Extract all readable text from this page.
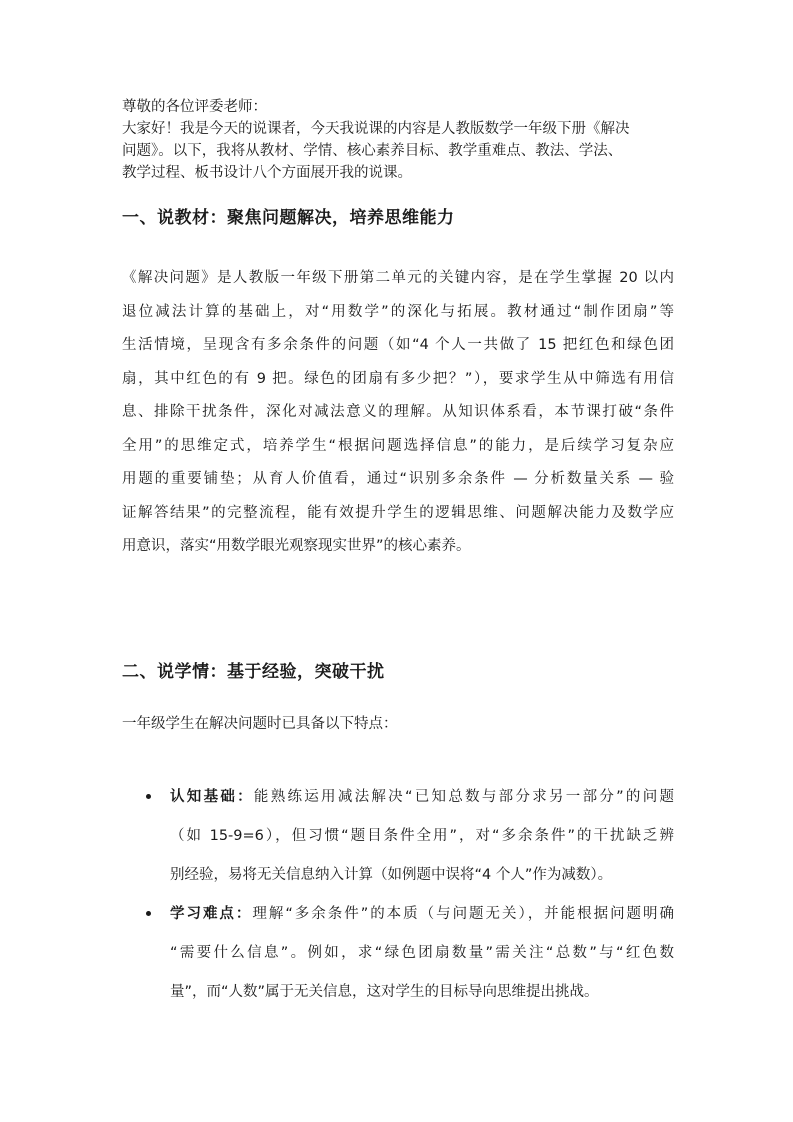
尊敬的各位评委老师：

大家好！我是今天的说课者，今天我说课的内容是人教版数学一年级下册《解决

问题》。以下，我将从教材、学情、核心素养目标、教学重难点、教法、学法、

教学过程、板书设计八个方面展开我的说课。

一、说教材：聚焦问题解决，培养思维能力
《解决问题》是人教版一年级下册第二单元的关键内容，是在学生掌握 20 以内
退位减法计算的基础上，对“用数学”的深化与拓展。教材通过“制作团扇”等
生活情境，呈现含有多余条件的问题（如“4 个人一共做了 15 把红色和绿色团
扇，其中红色的有 9 把。绿色的团扇有多少把？”），要求学生从中筛选有用信
息、排除干扰条件，深化对减法意义的理解。从知识体系看，本节课打破“条件
全用”的思维定式，培养学生“根据问题选择信息”的能力，是后续学习复杂应
用题的重要铺垫；从育人价值看，通过“识别多余条件 — 分析数量关系 — 验
证解答结果”的完整流程，能有效提升学生的逻辑思维、问题解决能力及数学应
用意识，落实“用数学眼光观察现实世界”的核心素养。
二、说学情：基于经验，突破干扰
一年级学生在解决问题时已具备以下特点：
认知基础：能熟练运用减法解决“已知总数与部分求另一部分”的问题
（如 15-9=6），但习惯“题目条件全用”，对“多余条件”的干扰缺乏辨
别经验，易将无关信息纳入计算（如例题中误将“4 个人”作为减数）。
学习难点：理解“多余条件”的本质（与问题无关），并能根据问题明确
“需要什么信息”。例如，求“绿色团扇数量”需关注“总数”与“红色数
量”，而“人数”属于无关信息，这对学生的目标导向思维提出挑战。
